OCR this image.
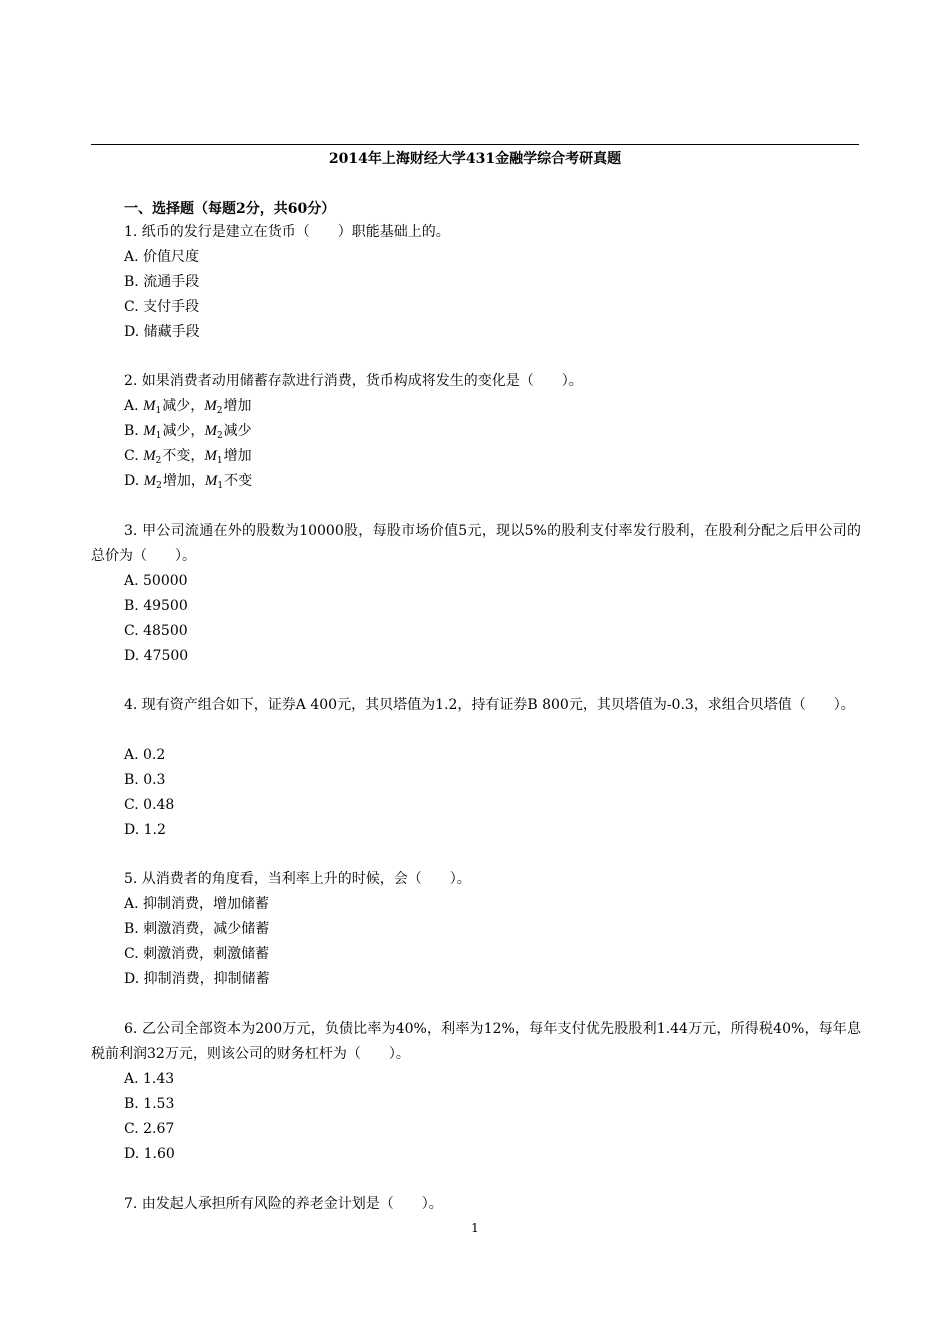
2014年上海财经大学431金融学综合考研真题
一、选择题（每题2分，共60分）
1. 纸币的发行是建立在货币（　　）职能基础上的。
A. 价值尺度
B. 流通手段
C. 支付手段
D. 储藏手段
2. 如果消费者动用储蓄存款进行消费，货币构成将发生的变化是（　　）。
A. $M_1$减少，$M_2$增加
B. $M_1$减少，$M_2$减少
C. $M_2$不变，$M_1$增加
D. $M_2$增加，$M_1$不变
3. 甲公司流通在外的股数为10000股，每股市场价值5元，现以5%的股利支付率发行股利，在股利分配之后甲公司的总价为（　　）。
A. 50000
B. 49500
C. 48500
D. 47500
4. 现有资产组合如下，证券A 400元，其贝塔值为1.2，持有证券B 800元，其贝塔值为-0.3，求组合贝塔值（　　）。
A. 0.2
B. 0.3
C. 0.48
D. 1.2
5. 从消费者的角度看，当利率上升的时候，会（　　）。
A. 抑制消费，增加储蓄
B. 刺激消费，减少储蓄
C. 刺激消费，刺激储蓄
D. 抑制消费，抑制储蓄
6. 乙公司全部资本为200万元，负债比率为40%，利率为12%，每年支付优先股股利1.44万元，所得税40%，每年息税前利润32万元，则该公司的财务杠杆为（　　）。
A. 1.43
B. 1.53
C. 2.67
D. 1.60
7. 由发起人承担所有风险的养老金计划是（　　）。
1
